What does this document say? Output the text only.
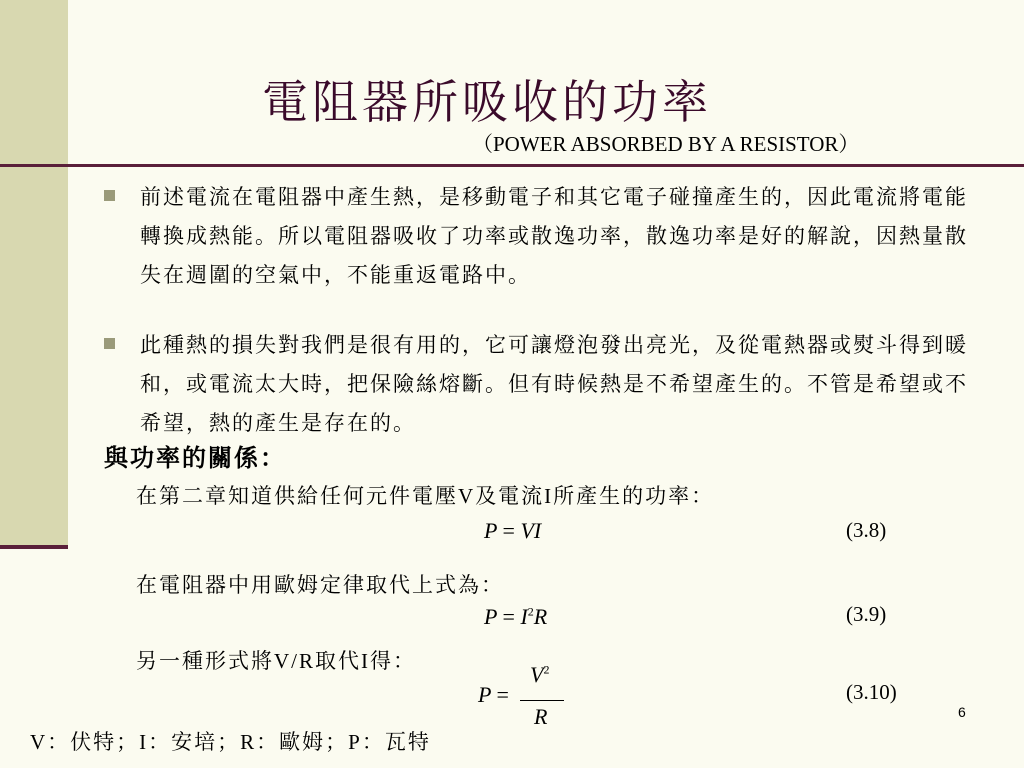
電阻器所吸收的功率
（POWER ABSORBED BY A RESISTOR）
前述電流在電阻器中產生熱，是移動電子和其它電子碰撞產生的，因此電流將電能轉換成熱能。所以電阻器吸收了功率或散逸功率，散逸功率是好的解說，因熱量散失在週圍的空氣中，不能重返電路中。
此種熱的損失對我們是很有用的，它可讓燈泡發出亮光，及從電熱器或熨斗得到暖和，或電流太大時，把保險絲熔斷。但有時候熱是不希望產生的。不管是希望或不希望，熱的產生是存在的。
與功率的關係：
在第二章知道供給任何元件電壓V及電流I所產生的功率：
P = VI	(3.8)
在電阻器中用歐姆定律取代上式為：
$P = I^2R$	(3.9)
另一種形式將V/R取代I得：
P =
$V^2$
R
(3.10)
V：伏特；I：安培；R：歐姆；P：瓦特
6
